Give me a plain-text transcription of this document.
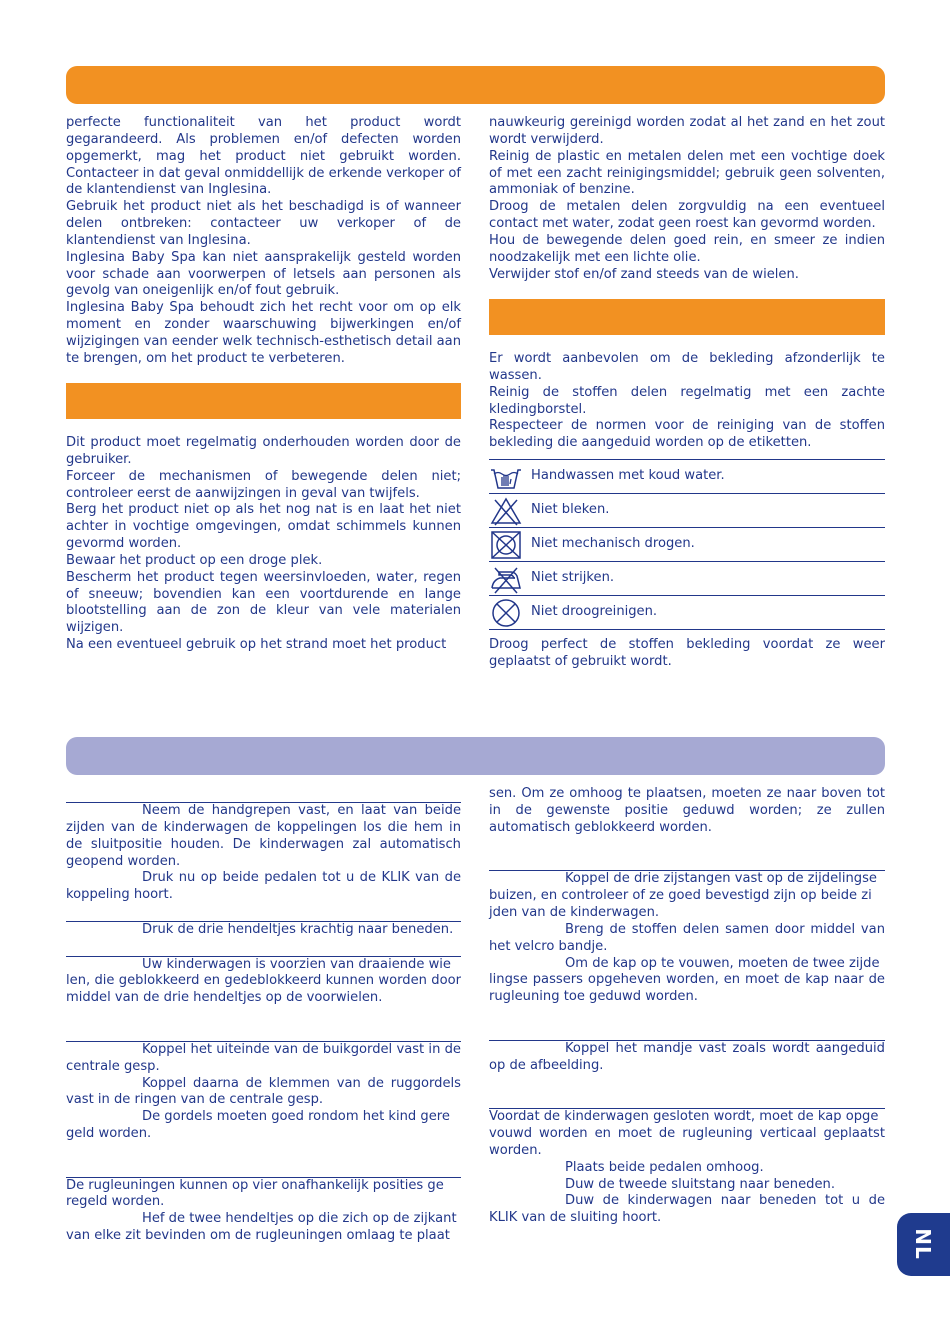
perfecte functionaliteit van het product wordt gegarandeerd. Als problemen en/of defecten worden opgemerkt, mag het product niet gebruikt worden. Contacteer in dat geval onmiddellijk de erkende verkoper of de klantendienst van Inglesina.

Gebruik het product niet als het beschadigd is of wanneer delen ontbreken: contacteer uw verkoper of de klantendienst van Inglesina.

Inglesina Baby Spa kan niet aansprakelijk gesteld worden voor schade aan voorwerpen of letsels aan personen als gevolg van oneigenlijk en/of fout gebruik.

Inglesina Baby Spa behoudt zich het recht voor om op elk moment en zonder waarschuwing bijwerkingen en/of wijzigingen van eender welk technisch-esthetisch detail aan te brengen, om het product te verbeteren.

Dit product moet regelmatig onderhouden worden door de gebruiker.

Forceer de mechanismen of bewegende delen niet; controleer eerst de aanwijzingen in geval van twijfels.

Berg het product niet op als het nog nat is en laat het niet achter in vochtige omgevingen, omdat schimmels kunnen gevormd worden.

Bewaar het product op een droge plek.

Bescherm het product tegen weersinvloeden, water, regen of sneeuw; bovendien kan een voortdurende en lange blootstelling aan de zon de kleur van vele materialen wijzigen.

Na een eventueel gebruik op het strand moet het product

nauwkeurig gereinigd worden zodat al het zand en het zout wordt verwijderd.

Reinig de plastic en metalen delen met een vochtige doek of met een zacht reinigingsmiddel; gebruik geen solventen, ammoniak of benzine.

Droog de metalen delen zorgvuldig na een eventueel contact met water, zodat geen roest kan gevormd worden.

Hou de bewegende delen goed rein, en smeer ze indien noodzakelijk met een lichte olie.

Verwijder stof en/of zand steeds van de wielen.

Er wordt aanbevolen om de bekleding afzonderlijk te wassen.

Reinig de stoffen delen regelmatig met een zachte kledingborstel.

Respecteer de normen voor de reiniging van de stoffen bekleding die aangeduid worden op de etiketten.

Handwassen met koud water.
Niet bleken.
Niet mechanisch drogen.
Niet strijken.
Niet droogreinigen.

Droog perfect de stoffen bekleding voordat ze weer geplaatst of gebruikt wordt.

Neem de handgrepen vast, en laat van beide zijden van de kinderwagen de koppelingen los die hem in de sluitpositie houden. De kinderwagen zal automatisch geopend worden.

Druk nu op beide pedalen tot u de KLIK van de koppeling hoort.

Druk de drie hendeltjes krachtig naar beneden.

Uw kinderwagen is voorzien van draaiende wie

len, die geblokkeerd en gedeblokkeerd kunnen worden door middel van de drie hendeltjes op de voorwielen.

Koppel het uiteinde van de buikgordel vast in de centrale gesp.

Koppel daarna de klemmen van de ruggordels vast in de ringen van de centrale gesp.

De gordels moeten goed rondom het kind gere

geld worden.

De rugleuningen kunnen op vier onafhankelijk posities ge

regeld worden.

Hef de twee hendeltjes op die zich op de zijkant

van elke zit bevinden om de rugleuningen omlaag te plaat

sen. Om ze omhoog te plaatsen, moeten ze naar boven tot in de gewenste positie geduwd worden; ze zullen automatisch geblokkeerd worden.

Koppel de drie zijstangen vast op de zijdelingse

buizen, en controleer of ze goed bevestigd zijn op beide zi

jden van de kinderwagen.

Breng de stoffen delen samen door middel van het velcro bandje.

Om de kap op te vouwen, moeten de twee zijde

lingse passers opgeheven worden, en moet de kap naar de rugleuning toe geduwd worden.

Koppel het mandje vast zoals wordt aangeduid op de afbeelding.

Voordat de kinderwagen gesloten wordt, moet de kap opge

vouwd worden en moet de rugleuning verticaal geplaatst worden.

Plaats beide pedalen omhoog.

Duw de tweede sluitstang naar beneden.

Duw de kinderwagen naar beneden tot u de KLIK van de sluiting hoort.

NL
